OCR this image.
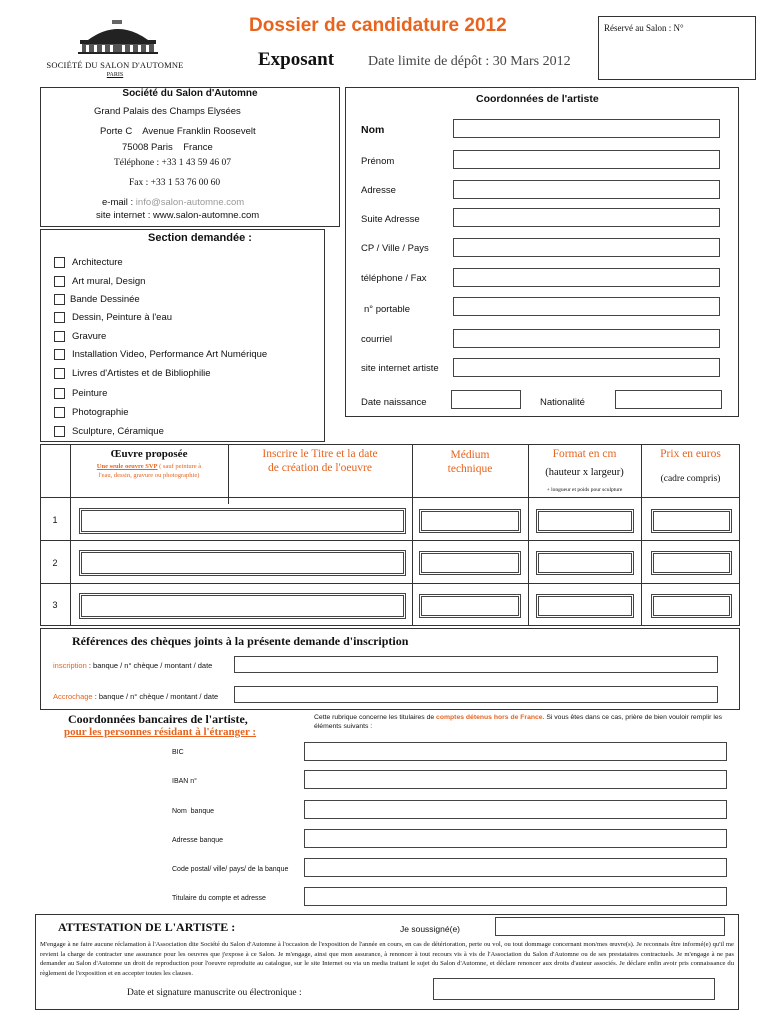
SOCIÉTÉ DU SALON D'AUTOMNE
PARIS
Dossier de candidature 2012
Exposant Date limite de dépôt : 30 Mars 2012
Réservé au Salon : N°
Société du Salon d'Automne
Grand Palais des Champs Elysées
Porte C    Avenue Franklin Roosevelt
75008 Paris    France
Téléphone : +33 1 43 59 46 07
Fax : +33 1 53 76 00 60
e-mail : info@salon-automne.com
site internet : www.salon-automne.com
Section demandée :
Architecture
Art mural, Design
Bande Dessinée
Dessin, Peinture à l'eau
Gravure
Installation Video, Performance Art Numérique
Livres d'Artistes et de Bibliophilie
Peinture
Photographie
Sculpture, Céramique
Coordonnées de l'artiste
Nom
Prénom
Adresse
Suite Adresse
CP / Ville / Pays
téléphone / Fax
n° portable
courriel
site internet artiste
Date naissance	Nationalité
Œuvre proposée
Une seule oeuvre SVP ( sauf peinture à
l'eau, dessin, gravure ou photographie)
Inscrire le Titre et la date
de création de l'oeuvre
Médium
technique
Format en cm
(hauteur x largeur)
+ longueur et poids pour sculpture
Prix en euros
(cadre compris)
1
2
3
Références des chèques joints à la présente demande d'inscription
inscription : banque / n° chèque / montant / date
Accrochage : banque / n° chèque / montant / date
Coordonnées bancaires de l'artiste,
pour les personnes résidant à l'étranger :
Cette rubrique concerne les titulaires de comptes détenus hors de France. Si vous êtes dans ce cas, prière de bien vouloir remplir les éléments suivants :
BIC
IBAN n°
Nom  banque
Adresse banque
Code postal/ ville/ pays/ de la banque
Titulaire du compte et adresse
ATTESTATION DE L'ARTISTE :	Je soussigné(e)
M'engage à ne faire aucune réclamation à l'Association dite Société du Salon d'Automne à l'occasion de l'exposition de l'année en cours, en cas de détérioration, perte ou vol, ou tout dommage concernant mon/mes œuvre(s). Je reconnais être informé(e) qu'il me revient la charge de contracter une assurance pour les oeuvres que j'expose à ce Salon. Je m'engage, ainsi que mon assurance, à renoncer à tout recours vis à vis de l'Association du Salon d'Automne ou de ses prestataires contractuels. Je m'engage à ne pas demander au Salon d'Automne un droit de reproduction pour l'oeuvre reproduite au catalogue, sur le site Internet ou via un media traitant le sujet du Salon d'Automne, et déclare renoncer aux droits d'auteur associés. Je déclare enfin avoir pris connaissance du règlement de l'exposition et en accepter toutes les clauses.
Date et signature manuscrite ou électronique :
